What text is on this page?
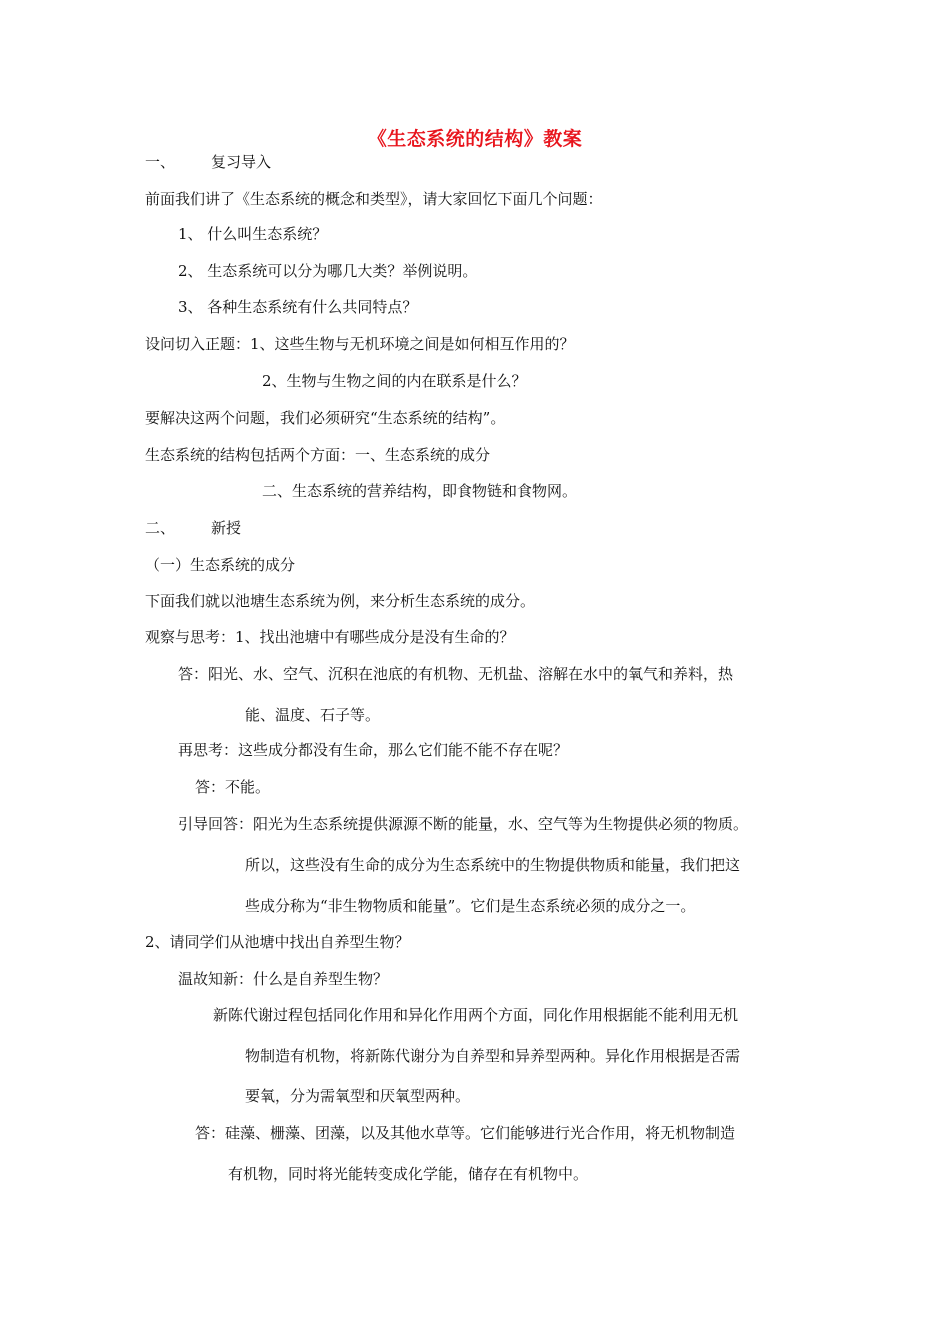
《生态系统的结构》教案
一、 复习导入
前面我们讲了《生态系统的概念和类型》，请大家回忆下面几个问题：
1、 什么叫生态系统？
2、 生态系统可以分为哪几大类？举例说明。
3、 各种生态系统有什么共同特点？
设问切入正题：1、这些生物与无机环境之间是如何相互作用的？
2、生物与生物之间的内在联系是什么？
要解决这两个问题，我们必须研究“生态系统的结构”。
生态系统的结构包括两个方面：一、生态系统的成分
二、生态系统的营养结构，即食物链和食物网。
二、 新授
（一）生态系统的成分
下面我们就以池塘生态系统为例，来分析生态系统的成分。
观察与思考：1、找出池塘中有哪些成分是没有生命的？
答：阳光、水、空气、沉积在池底的有机物、无机盐、溶解在水中的氧气和养料，热
能、温度、石子等。
再思考：这些成分都没有生命，那么它们能不能不存在呢？
答：不能。
引导回答：阳光为生态系统提供源源不断的能量，水、空气等为生物提供必须的物质。
所以，这些没有生命的成分为生态系统中的生物提供物质和能量，我们把这
些成分称为“非生物物质和能量”。它们是生态系统必须的成分之一。
2、请同学们从池塘中找出自养型生物？
温故知新：什么是自养型生物？
新陈代谢过程包括同化作用和异化作用两个方面，同化作用根据能不能利用无机
物制造有机物，将新陈代谢分为自养型和异养型两种。异化作用根据是否需
要氧，分为需氧型和厌氧型两种。
答：硅藻、栅藻、团藻，以及其他水草等。它们能够进行光合作用，将无机物制造
有机物，同时将光能转变成化学能，储存在有机物中。
